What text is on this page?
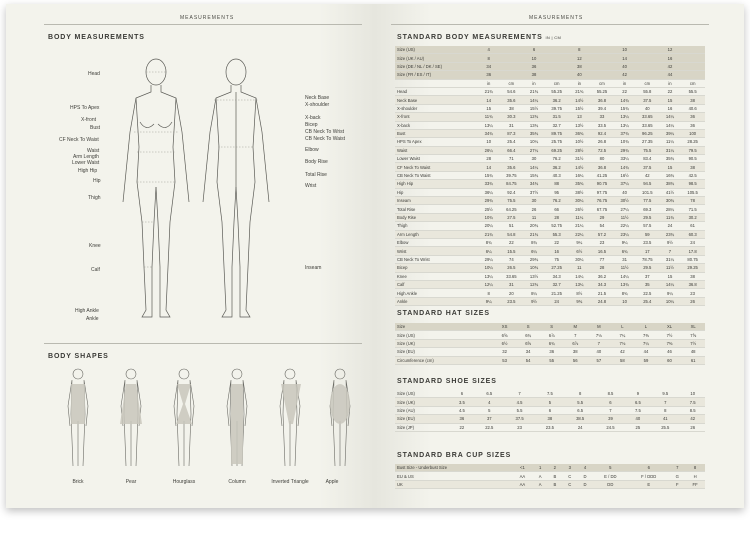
MEASUREMENTS
BODY MEASUREMENTS
Head
HPS To Apex
X-front
Bust
CF Neck To Waist
Waist
Arm Length
Lower Waist
High Hip
Hip
Thigh
Knee
Calf
High Ankle
Ankle
Neck Base
X-shoulder
X-back
Bicep
CB Neck To Wrist
CB Neck To Waist
Elbow
Body Rise
Total Rise
Wrist
Inseam
BODY SHAPES
Brick	Pear	Hourglass	Column	Inverted Triangle	Apple
MEASUREMENTS
STANDARD BODY MEASUREMENTS IN | CM
Size (US)	4		6		8		10		12	
Size (UK / AU)	8		10		12		14		16	
Size (DE / NL / DK / SE)	34		36		38		40		42	
Size (FR / ES / IT)	36		38		40		42		44	
	in	cm	in	cm	in	cm	in	cm	in	cm
Head	21¾	54.6	21¾	55.25	21¾	55.25	22	55.8	22	55.5
Neck Base	14	35.6	14¼	36.2	14½	36.8	14¾	37.5	15	38
X-shoulder	15	38	15½	39.75	15½	39.4	15¾	40	16	40.6
X-front	11¾	30.3	12¾	31.5	13	33	13¼	33.65	14¼	36
X-back	13¼	31	13¾	32.7	13½	33.5	13¼	33.65	14¼	36
Bust	34¾	87.3	35¾	89.75	36¾	92.4	37¾	96.25	39¼	100
HPS To Apex	10	25.4	10¼	25.75	10½	26.8	10¾	27.35	11¼	28.25
Waist	26¼	66.4	27¼	69.25	28½	72.5	29¾	75.5	31¼	79.5
Lower Waist	28	71	30	76.2	31½	80	33¼	83.4	35¾	90.5
CF Neck To Waist	14	35.6	14¼	36.2	14½	36.8	14¾	37.5	15	38
CB Neck To Waist	15¾	39.75	15¾	40.3	16¼	41.25	16½	42	16¾	42.5
High Hip	33¾	84.75	34¾	88	35¾	90.75	37¼	94.5	38¾	98.5
Hip	36¼	92.4	37½	95	38½	97.75	40	101.5	41½	105.5
Inseam	29¾	75.5	30	76.2	30¼	76.75	30½	77.5	30¾	78
Total Rise	25½	64.25	26	66	26½	67.75	27¼	69.3	28¼	71.5
Body Rise	10¾	27.5	11	28	11¼	29	11½	29.5	11¾	30.2
Thigh	20¼	51	20¾	52.75	21¼	54	22¼	57.5	24	61
Arm Length	21¾	54.8	21¾	55.3	22¼	57.2	23¼	59	23¾	60.3
Elbow	8¾	22	8¾	22	9¼	23	9¼	23.5	9½	24
Wrist	6¼	15.5	6¼	16	6½	16.5	6¾	17	7	17.8
CB Neck To Wrist	29¼	74	29¾	75	30¼	77	31	78.75	31¼	80.75
Bicep	10¼	26.5	10¾	27.25	11	28	11½	29.5	11½	29.25
Knee	13¼	33.65	13½	34.3	14¼	36.2	14¼	37	15	38
Calf	12¼	31	12¾	32.7	13¼	34.3	13¾	35	14¼	36.8
High Ankle	8	20	8¼	21.25	8½	21.5	8¾	22.5	9¼	23
Ankle	9¼	23.5	9½	24	9¾	24.8	10	25.4	10¼	26
STANDARD HAT SIZES
Size	XS	S	S	M	M	L	L	XL	XL
Size (US)	6⅝	6¾	6⅞	7	7⅛	7¼	7⅜	7½	7⅝
Size (UK)	6½	6⅝	6¾	6⅞	7	7⅛	7¼	7⅜	7½
Size (EU)	32	34	36	38	40	42	44	46	48
Circumference (cm)	53	54	55	56	57	58	59	60	61
STANDARD SHOE SIZES
Size (US)	6	6.5	7	7.5	8	8.5	9	9.5	10
Size (UK)	3.5	4	4.5	5	5.5	6	6.5	7	7.5
Size (AU)	4.5	5	5.5	6	6.5	7	7.5	8	8.5
Size (EU)	36	37	37.5	38	38.5	39	40	41	42
Size (JP)	22	22.5	23	23.5	24	24.5	25	25.5	26
STANDARD BRA CUP SIZES
Bust Size - Underbust Size	<1	1	2	3	4	5	6	7	8
EU & US	AA	A	B	C	D	E / DD	F / DDD	G	H
UK	AA	A	B	C	D	DD	E	F	FF
